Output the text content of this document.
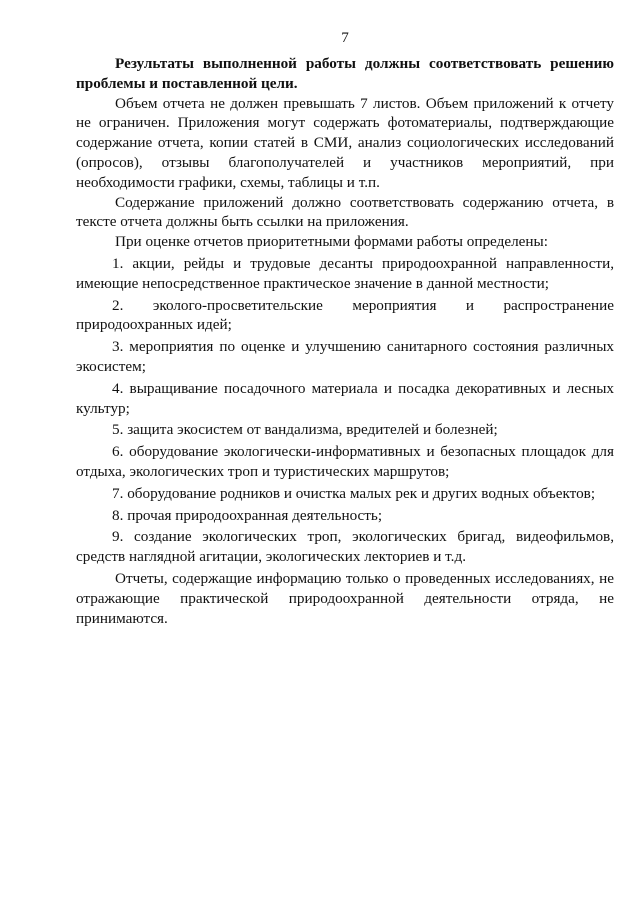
7

Результаты выполненной работы должны соответствовать решению проблемы и поставленной цели.

Объем отчета не должен превышать 7 листов. Объем приложений к отчету не ограничен. Приложения могут содержать фотоматериалы, подтверждающие содержание отчета, копии статей в СМИ, анализ социологических исследований (опросов), отзывы благополучателей и участников мероприятий, при необходимости графики, схемы, таблицы и т.п.

Содержание приложений должно соответствовать содержанию отчета, в тексте отчета должны быть ссылки на приложения.

При оценке отчетов приоритетными формами работы определены:

1. акции, рейды и трудовые десанты природоохранной направленности, имеющие непосредственное практическое значение в данной местности;

2. эколого-просветительские мероприятия и распространение природоохранных идей;

3. мероприятия по оценке и улучшению санитарного состояния различных экосистем;

4. выращивание посадочного материала и посадка декоративных и лесных культур;

5. защита экосистем от вандализма, вредителей и болезней;

6. оборудование экологически-информативных и безопасных площадок для отдыха, экологических троп и туристических маршрутов;

7. оборудование родников и очистка малых рек и других водных объектов;

8. прочая природоохранная деятельность;

9. создание экологических троп, экологических бригад, видеофильмов, средств наглядной агитации, экологических лекториев и т.д.

Отчеты, содержащие информацию только о проведенных исследованиях, не отражающие практической природоохранной деятельности отряда, не принимаются.
